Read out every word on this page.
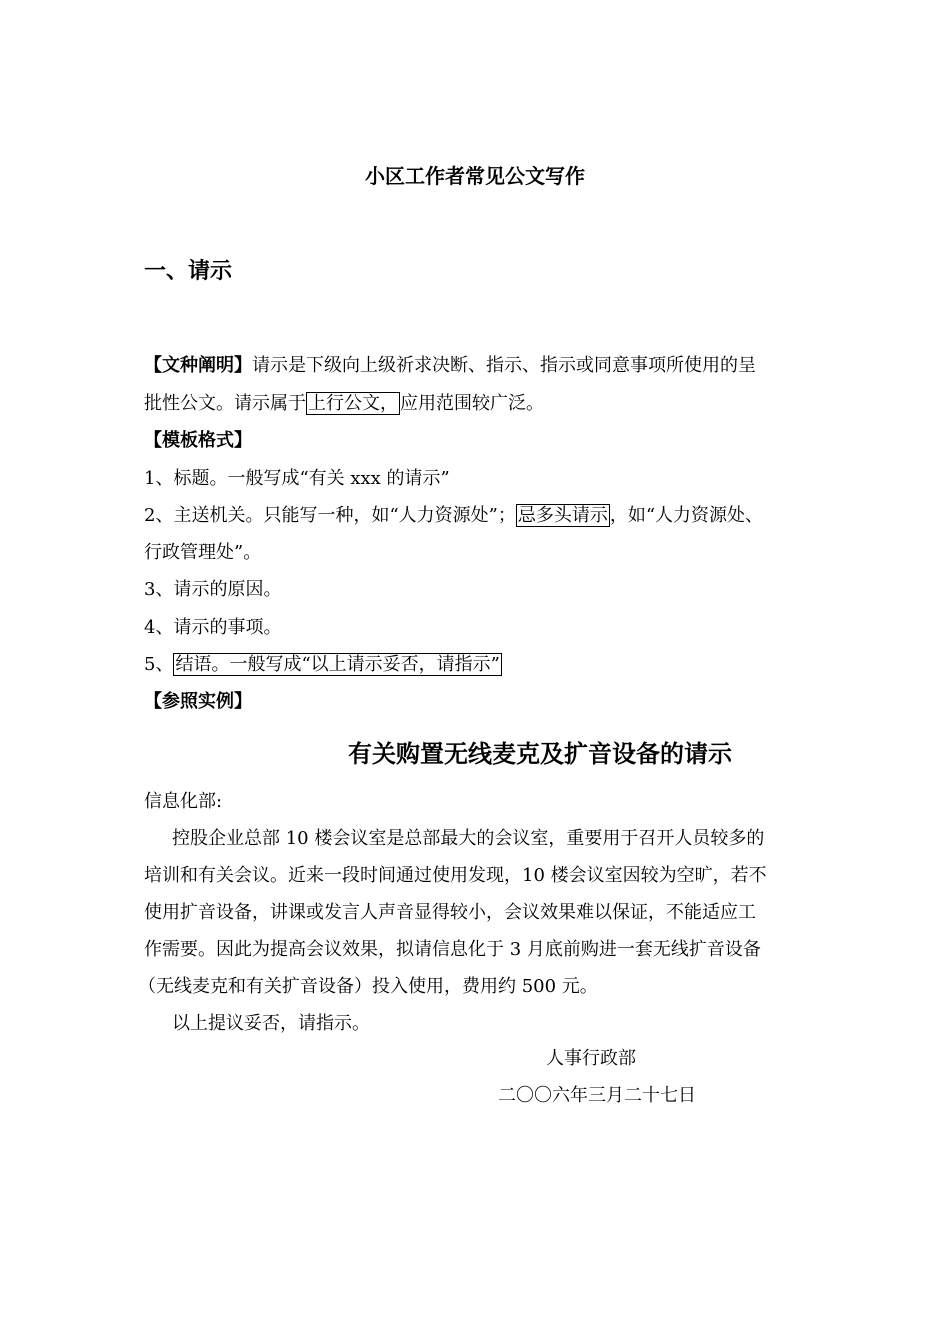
小区工作者常见公文写作
一、请示
【文种阐明】请示是下级向上级祈求决断、指示、指示或同意事项所使用的呈
批性公文。请示属于 上行公文， 应用范围较广泛。
【模板格式】
1、标题。一般写成“有关 xxx 的请示”
2、主送机关。只能写一种，如“人力资源处”； 忌多头请示 ，如“人力资源处、
行政管理处”。
3、请示的原因。
4、请示的事项。
5、 结语。一般写成“以上请示妥否，请指示”
【参照实例】
有关购置无线麦克及扩音设备的请示
信息化部:
控股企业总部 10 楼会议室是总部最大的会议室，重要用于召开人员较多的
培训和有关会议。近来一段时间通过使用发现，10 楼会议室因较为空旷，若不
使用扩音设备，讲课或发言人声音显得较小，会议效果难以保证，不能适应工
作需要。因此为提高会议效果，拟请信息化于 3 月底前购进一套无线扩音设备
（无线麦克和有关扩音设备）投入使用，费用约 500 元。
以上提议妥否，请指示。
人事行政部
二〇〇六年三月二十七日
